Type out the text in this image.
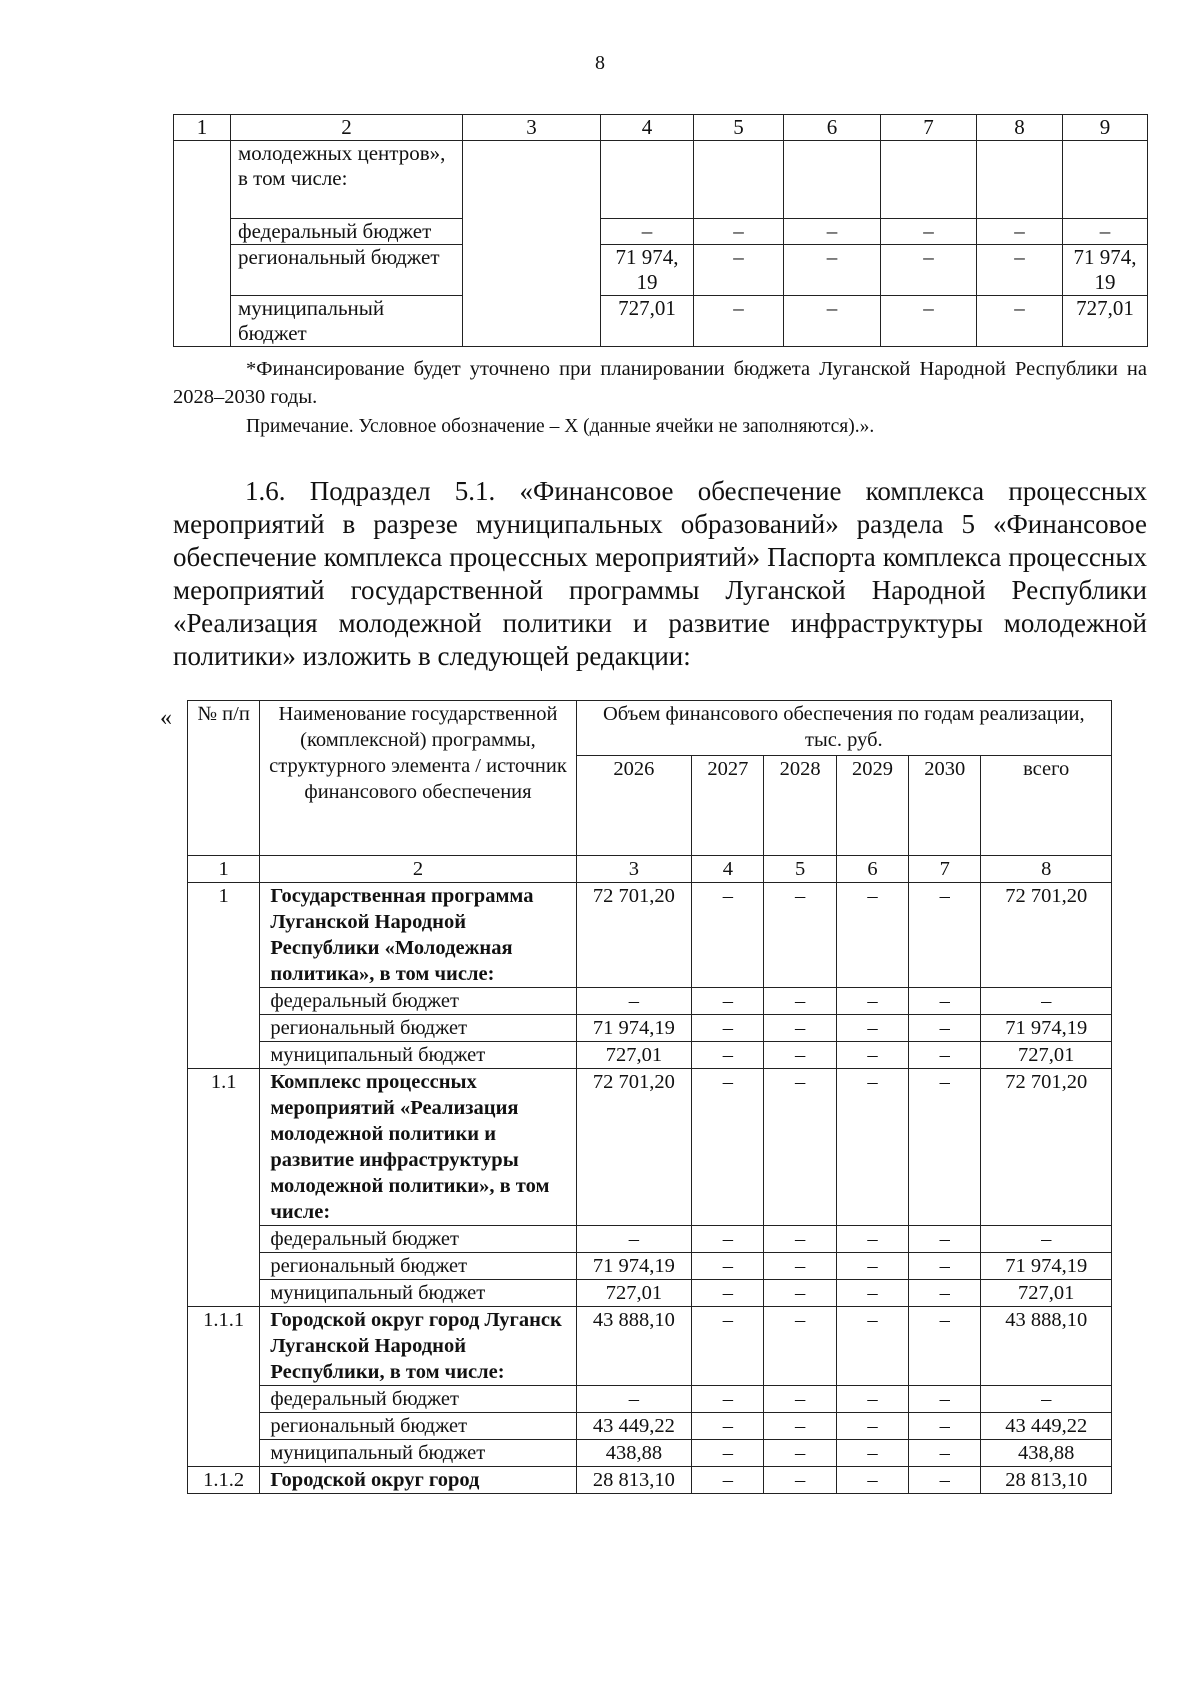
8
1	2	3	4	5	6	7	8	9
	молодежных центров», в том числе:							
	федеральный бюджет		–	–	–	–	–	–
	региональный бюджет		71 974, 19	–	–	–	–	71 974, 19
	муниципальный бюджет		727,01	–	–	–	–	727,01

*Финансирование будет уточнено при планировании бюджета Луганской Народной Республики на 2028–2030 годы.

Примечание. Условное обозначение – X (данные ячейки не заполняются).».

1.6. Подраздел 5.1. «Финансовое обеспечение комплекса процессных мероприятий в разрезе муниципальных образований» раздела 5 «Финансовое обеспечение комплекса процессных мероприятий» Паспорта комплекса процессных мероприятий государственной программы Луганской Народной Республики «Реализация молодежной политики и развитие инфраструктуры молодежной политики» изложить в следующей редакции:

« № п/п	Наименование государственной (комплексной) программы, структурного элемента / источник финансового обеспечения	Объем финансового обеспечения по годам реализации, тыс. руб.					
		2026	2027	2028	2029	2030	всего
1	2	3	4	5	6	7	8
1	Государственная программа Луганской Народной Республики «Молодежная политика», в том числе:	72 701,20	–	–	–	–	72 701,20
	федеральный бюджет	–	–	–	–	–	–
	региональный бюджет	71 974,19	–	–	–	–	71 974,19
	муниципальный бюджет	727,01	–	–	–	–	727,01
1.1	Комплекс процессных мероприятий «Реализация молодежной политики и развитие инфраструктуры молодежной политики», в том числе:	72 701,20	–	–	–	–	72 701,20
	федеральный бюджет	–	–	–	–	–	–
	региональный бюджет	71 974,19	–	–	–	–	71 974,19
	муниципальный бюджет	727,01	–	–	–	–	727,01
1.1.1	Городской округ город Луганск Луганской Народной Республики, в том числе:	43 888,10	–	–	–	–	43 888,10
	федеральный бюджет	–	–	–	–	–	–
	региональный бюджет	43 449,22	–	–	–	–	43 449,22
	муниципальный бюджет	438,88	–	–	–	–	438,88
1.1.2	Городской округ город	28 813,10	–	–	–	–	28 813,10
